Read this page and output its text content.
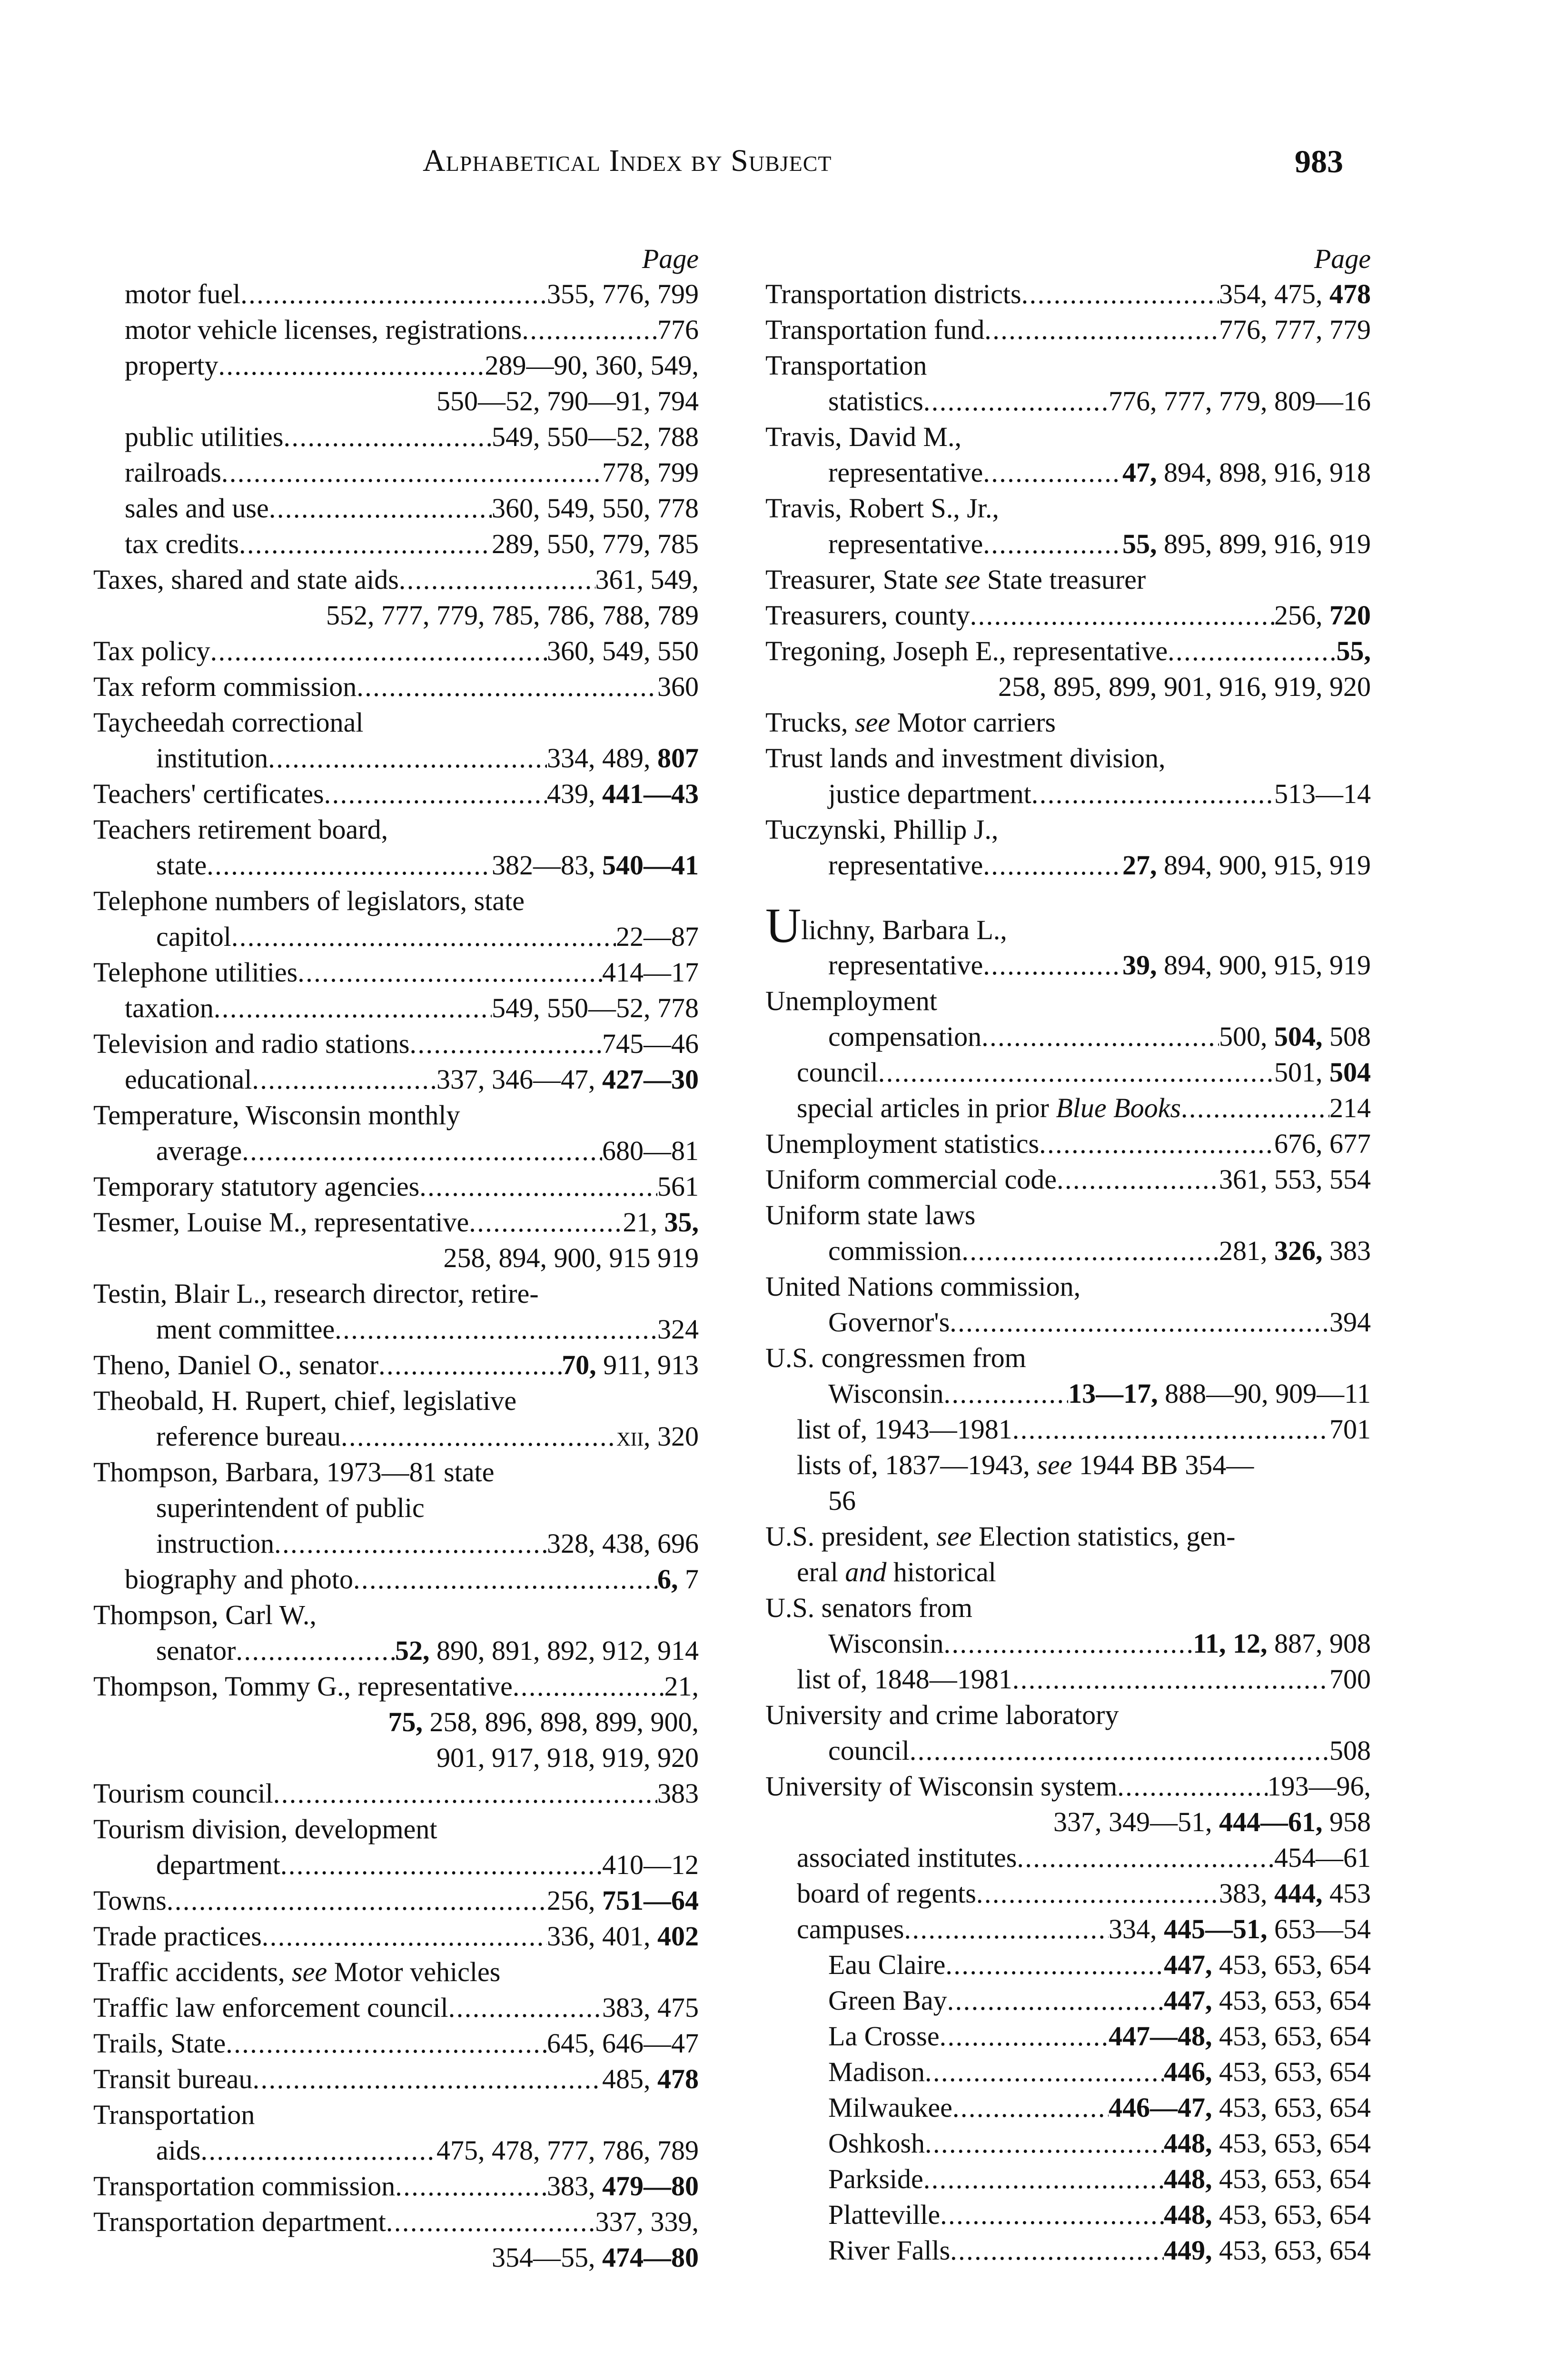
Alphabetical Index by Subject	983
Page
motor fuel . . .	355, 776, 799
motor vehicle licenses, registrations . . .	776
property . . .	289—90, 360, 549,
550—52, 790—91, 794
public utilities . . .	549, 550—52, 788
railroads . . .	778, 799
sales and use . . .	360, 549, 550, 778
tax credits . . .	289, 550, 779, 785
Taxes, shared and state aids . . .	361, 549,
552, 777, 779, 785, 786, 788, 789
Tax policy . . .	360, 549, 550
Tax reform commission . . .	360
Taycheedah correctional
institution . . .	334, 489, 807
Teachers' certificates . . .	439, 441—43
Teachers retirement board,
state . . .	382—83, 540—41
Telephone numbers of legislators, state
capitol . . .	22—87
Telephone utilities . . .	414—17
taxation . . .	549, 550—52, 778
Television and radio stations . . .	745—46
educational . . .	337, 346—47, 427—30
Temperature, Wisconsin monthly
average . . .	680—81
Temporary statutory agencies . . .	561
Tesmer, Louise M., representative . . .	21, 35,
258, 894, 900, 915 919
Testin, Blair L., research director, retire-
ment committee . . .	324
Theno, Daniel O., senator . . .	70, 911, 913
Theobald, H. Rupert, chief, legislative
reference bureau . . .	xii, 320
Thompson, Barbara, 1973—81 state
superintendent of public
instruction . . .	328, 438, 696
biography and photo . . .	6, 7
Thompson, Carl W.,
senator . . .	52, 890, 891, 892, 912, 914
Thompson, Tommy G., representative . . .	21,
75, 258, 896, 898, 899, 900,
901, 917, 918, 919, 920
Tourism council . . .	383
Tourism division, development
department . . .	410—12
Towns . . .	256, 751—64
Trade practices . . .	336, 401, 402
Traffic accidents, see Motor vehicles
Traffic law enforcement council . . .	383, 475
Trails, State . . .	645, 646—47
Transit bureau . . .	485, 478
Transportation
aids . . .	475, 478, 777, 786, 789
Transportation commission . . .	383, 479—80
Transportation department . . .	337, 339,
354—55, 474—80
Page
Transportation districts . . .	354, 475, 478
Transportation fund . . .	776, 777, 779
Transportation
statistics . . .	776, 777, 779, 809—16
Travis, David M.,
representative . . .	47, 894, 898, 916, 918
Travis, Robert S., Jr.,
representative . . .	55, 895, 899, 916, 919
Treasurer, State see State treasurer
Treasurers, county . . .	256, 720
Tregoning, Joseph E., representative . . .	55,
258, 895, 899, 901, 916, 919, 920
Trucks, see Motor carriers
Trust lands and investment division,
justice department . . .	513—14
Tuczynski, Phillip J.,
representative . . .	27, 894, 900, 915, 919
Ulichny, Barbara L.,
representative . . .	39, 894, 900, 915, 919
Unemployment
compensation . . .	500, 504, 508
council . . .	501, 504
special articles in prior Blue Books . . .	214
Unemployment statistics . . .	676, 677
Uniform commercial code . . .	361, 553, 554
Uniform state laws
commission . . .	281, 326, 383
United Nations commission,
Governor's . . .	394
U.S. congressmen from
Wisconsin . . .	13—17, 888—90, 909—11
list of, 1943—1981 . . .	701
lists of, 1837—1943, see 1944 BB 354—
56
U.S. president, see Election statistics, gen-
eral and historical
U.S. senators from
Wisconsin . . .	11, 12, 887, 908
list of, 1848—1981 . . .	700
University and crime laboratory
council . . .	508
University of Wisconsin system . . .	193—96,
337, 349—51, 444—61, 958
associated institutes . . .	454—61
board of regents . . .	383, 444, 453
campuses . . .	334, 445—51, 653—54
Eau Claire . . .	447, 453, 653, 654
Green Bay . . .	447, 453, 653, 654
La Crosse . . .	447—48, 453, 653, 654
Madison . . .	446, 453, 653, 654
Milwaukee . . .	446—47, 453, 653, 654
Oshkosh . . .	448, 453, 653, 654
Parkside . . .	448, 453, 653, 654
Platteville . . .	448, 453, 653, 654
River Falls . . .	449, 453, 653, 654
